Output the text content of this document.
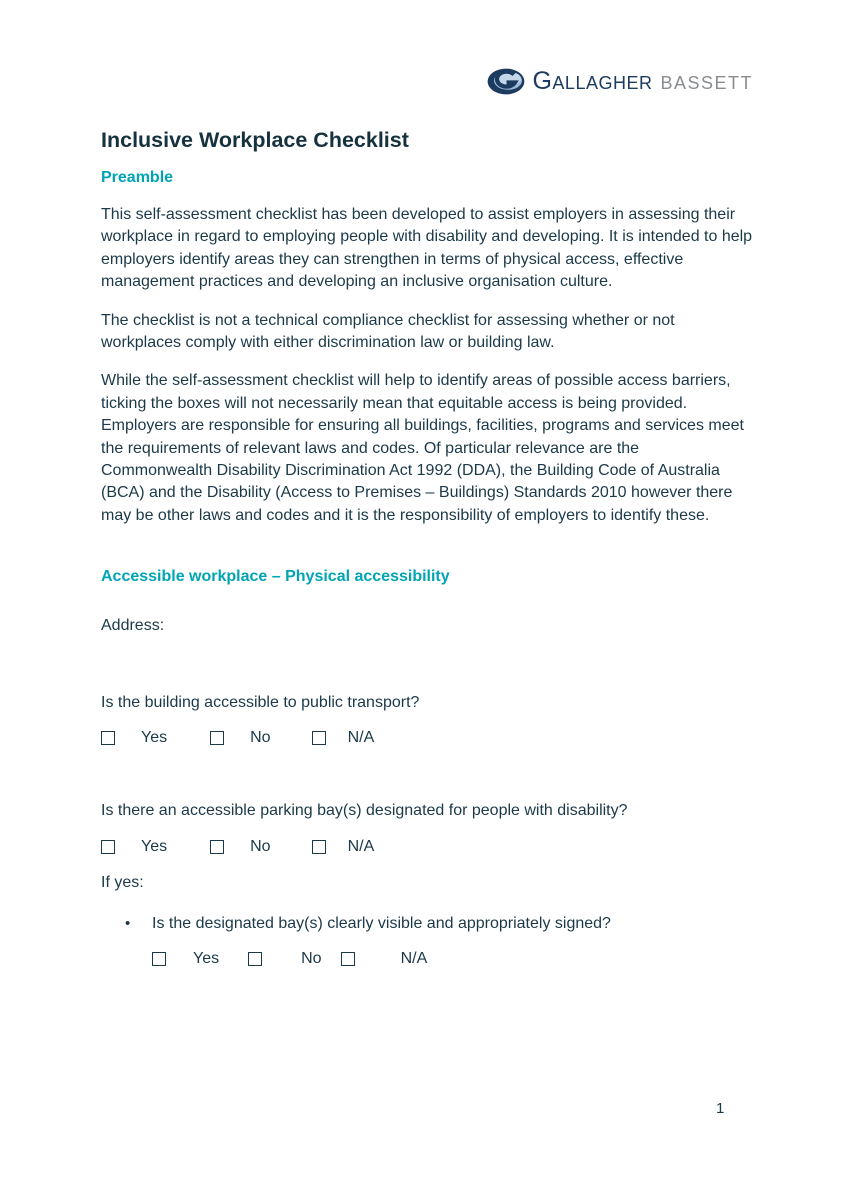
Gallagher bassett
Inclusive Workplace Checklist
Preamble

This self-assessment checklist has been developed to assist employers in assessing their workplace in regard to employing people with disability and developing. It is intended to help employers identify areas they can strengthen in terms of physical access, effective management practices and developing an inclusive organisation culture.

The checklist is not a technical compliance checklist for assessing whether or not workplaces comply with either discrimination law or building law.

While the self-assessment checklist will help to identify areas of possible access barriers, ticking the boxes will not necessarily mean that equitable access is being provided. Employers are responsible for ensuring all buildings, facilities, programs and services meet the requirements of relevant laws and codes. Of particular relevance are the Commonwealth Disability Discrimination Act 1992 (DDA), the Building Code of Australia (BCA) and the Disability (Access to Premises – Buildings) Standards 2010 however there may be other laws and codes and it is the responsibility of employers to identify these.

Accessible workplace – Physical accessibility

Address:

Is the building accessible to public transport?

Yes	No	N/A

Is there an accessible parking bay(s) designated for people with disability?

Yes	No	N/A

If yes:

• Is the designated bay(s) clearly visible and appropriately signed?
Yes	No	N/A
1
